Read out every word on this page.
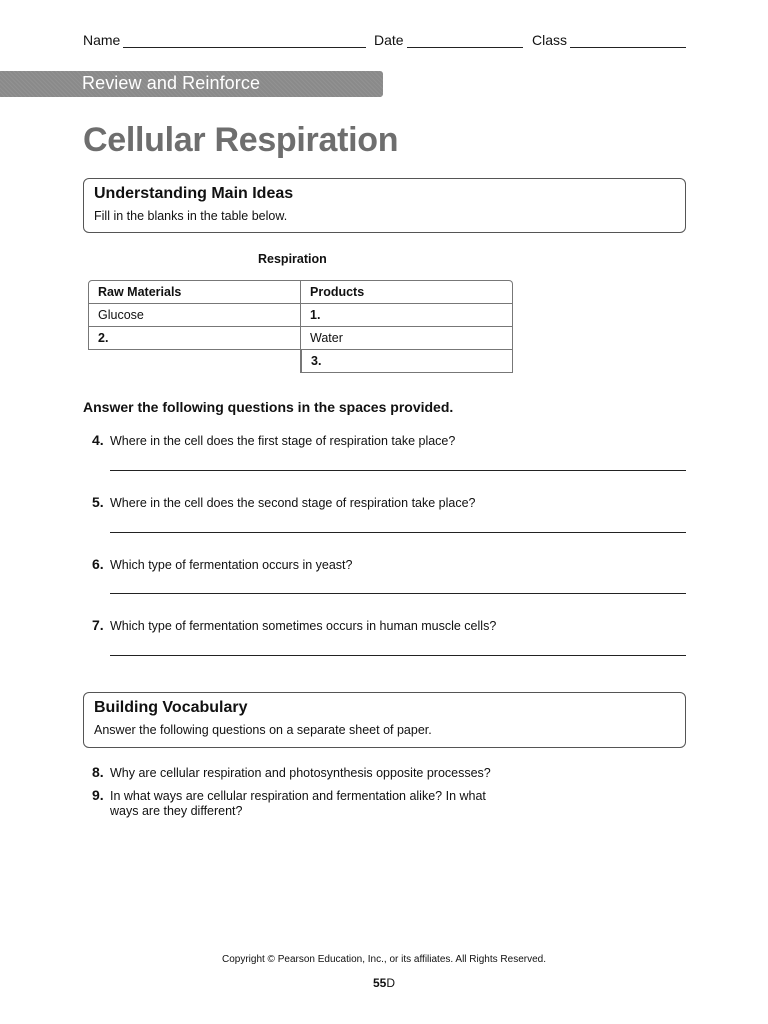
Name	Date	Class
Review and Reinforce
Cellular Respiration
Understanding Main Ideas
Fill in the blanks in the table below.
Respiration
Raw Materials	Products
Glucose	1.
2.	Water
	3.
Answer the following questions in the spaces provided.
4. Where in the cell does the first stage of respiration take place?
5. Where in the cell does the second stage of respiration take place?
6. Which type of fermentation occurs in yeast?
7. Which type of fermentation sometimes occurs in human muscle cells?
Building Vocabulary
Answer the following questions on a separate sheet of paper.
8. Why are cellular respiration and photosynthesis opposite processes?
9. In what ways are cellular respiration and fermentation alike? In what
ways are they different?
Copyright © Pearson Education, Inc., or its affiliates. All Rights Reserved.
55D
